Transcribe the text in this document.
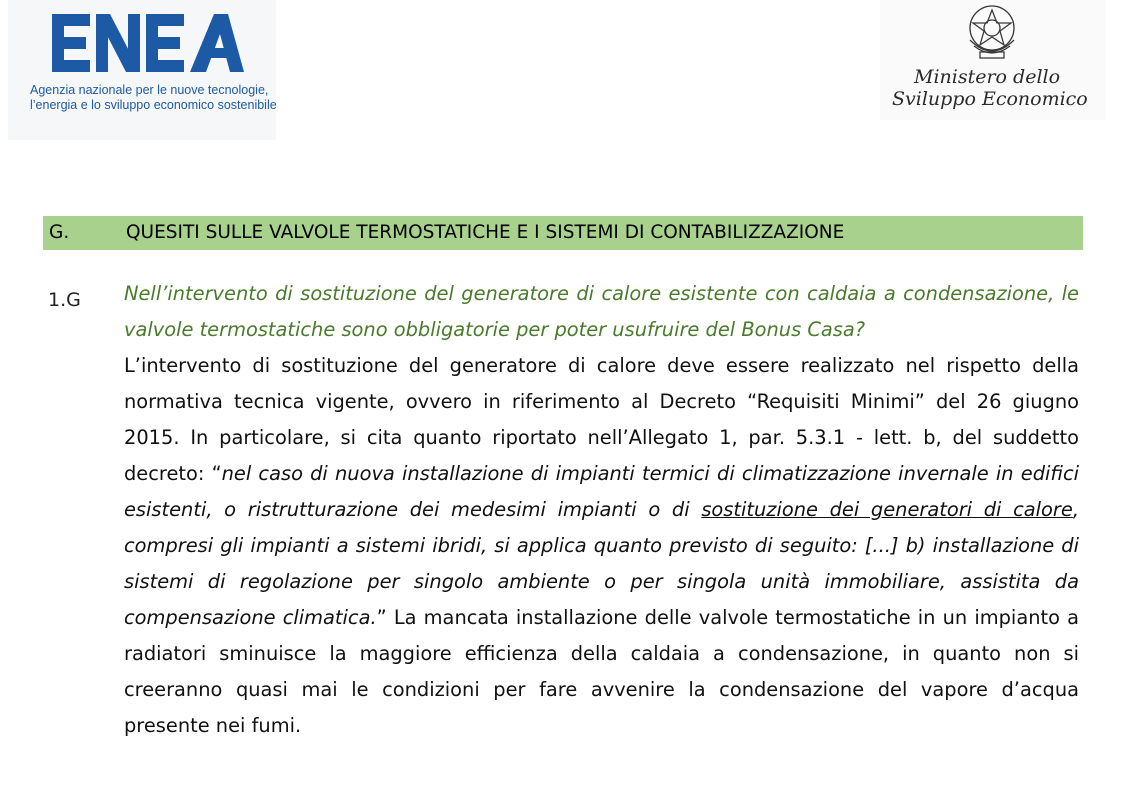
Agenzia nazionale per le nuove tecnologie,
l’energia e lo sviluppo economico sostenibile
Ministero dello
Sviluppo Economico
G.	QUESITI SULLE VALVOLE TERMOSTATICHE E I SISTEMI DI CONTABILIZZAZIONE
1.G Nell’intervento di sostituzione del generatore di calore esistente con caldaia a condensazione, le valvole termostatiche sono obbligatorie per poter usufruire del Bonus Casa?

L’intervento di sostituzione del generatore di calore deve essere realizzato nel rispetto della normativa tecnica vigente, ovvero in riferimento al Decreto “Requisiti Minimi” del 26 giugno 2015. In particolare, si cita quanto riportato nell’Allegato 1, par. 5.3.1 - lett. b, del suddetto decreto: “nel caso di nuova installazione di impianti termici di climatizzazione invernale in edifici esistenti, o ristrutturazione dei medesimi impianti o di sostituzione dei generatori di calore, compresi gli impianti a sistemi ibridi, si applica quanto previsto di seguito: [...] b) installazione di sistemi di regolazione per singolo ambiente o per singola unità immobiliare, assistita da compensazione climatica.” La mancata installazione delle valvole termostatiche in un impianto a radiatori sminuisce la maggiore efficienza della caldaia a condensazione, in quanto non si creeranno quasi mai le condizioni per fare avvenire la condensazione del vapore d’acqua presente nei fumi.
